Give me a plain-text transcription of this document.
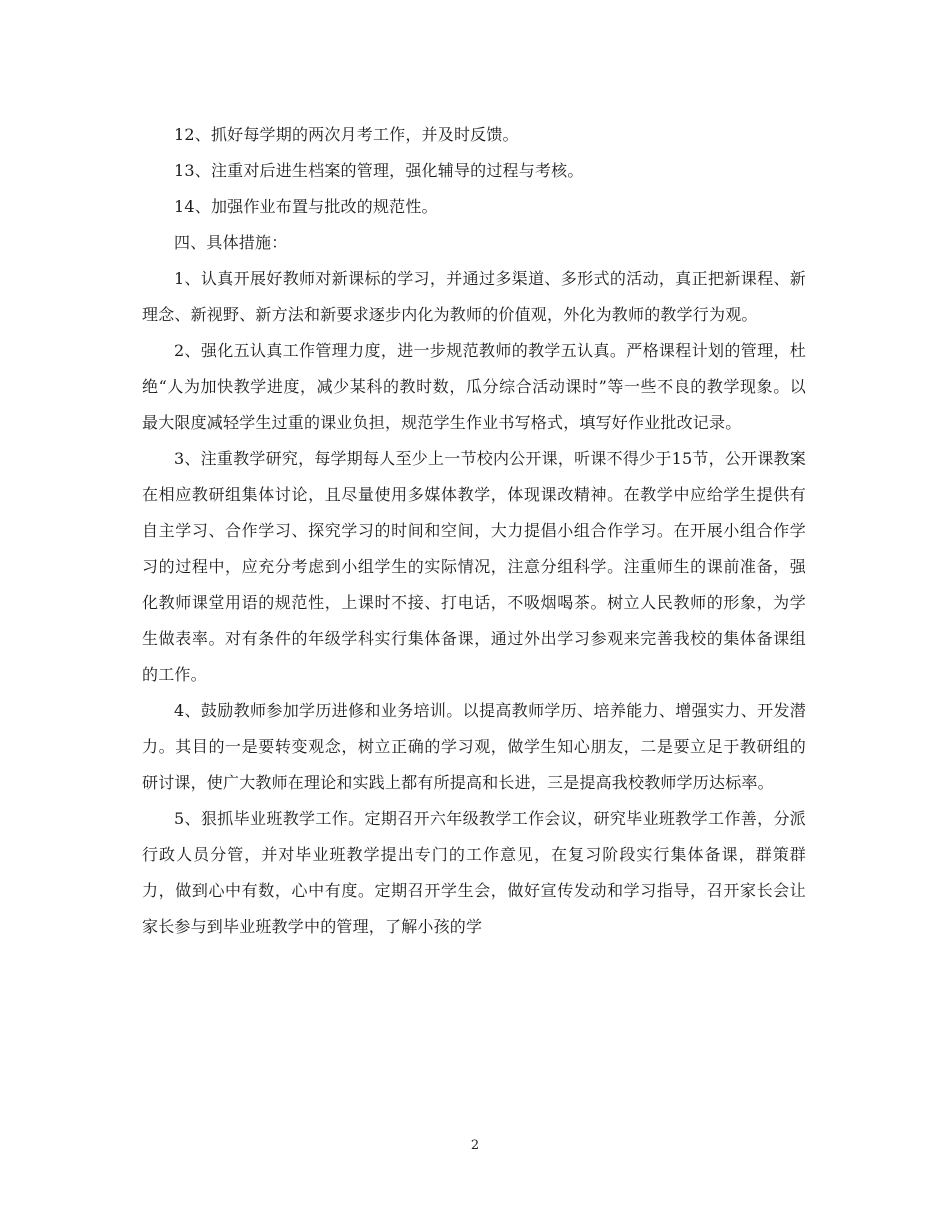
12、抓好每学期的两次月考工作，并及时反馈。

13、注重对后进生档案的管理，强化辅导的过程与考核。

14、加强作业布置与批改的规范性。

四、具体措施：

1、认真开展好教师对新课标的学习，并通过多渠道、多形式的活动，真正把新课程、新理念、新视野、新方法和新要求逐步内化为教师的价值观，外化为教师的教学行为观。

2、强化五认真工作管理力度，进一步规范教师的教学五认真。严格课程计划的管理，杜绝“人为加快教学进度，减少某科的教时数，瓜分综合活动课时”等一些不良的教学现象。以最大限度减轻学生过重的课业负担，规范学生作业书写格式，填写好作业批改记录。

3、注重教学研究，每学期每人至少上一节校内公开课，听课不得少于15节，公开课教案在相应教研组集体讨论，且尽量使用多媒体教学，体现课改精神。在教学中应给学生提供有自主学习、合作学习、探究学习的时间和空间，大力提倡小组合作学习。在开展小组合作学习的过程中，应充分考虑到小组学生的实际情况，注意分组科学。注重师生的课前准备，强化教师课堂用语的规范性，上课时不接、打电话，不吸烟喝茶。树立人民教师的形象，为学生做表率。对有条件的年级学科实行集体备课，通过外出学习参观来完善我校的集体备课组的工作。

4、鼓励教师参加学历进修和业务培训。以提高教师学历、培养能力、增强实力、开发潜力。其目的一是要转变观念，树立正确的学习观，做学生知心朋友，二是要立足于教研组的研讨课，使广大教师在理论和实践上都有所提高和长进，三是提高我校教师学历达标率。

5、狠抓毕业班教学工作。定期召开六年级教学工作会议，研究毕业班教学工作善，分派行政人员分管，并对毕业班教学提出专门的工作意见，在复习阶段实行集体备课，群策群力，做到心中有数，心中有度。定期召开学生会，做好宣传发动和学习指导，召开家长会让家长参与到毕业班教学中的管理，了解小孩的学

2
